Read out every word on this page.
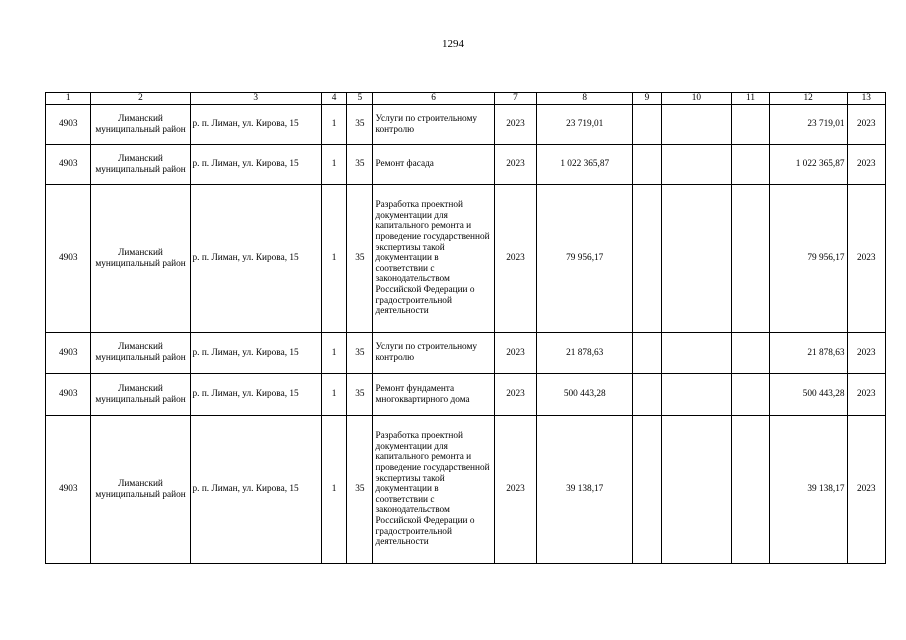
1294
1	2	3	4	5	6	7	8	9	10	11	12	13
4903	Лиманский муниципальный район	р. п. Лиман, ул. Кирова, 15	1	35	Услуги по строительному контролю	2023	23 719,01				23 719,01	2023
4903	Лиманский муниципальный район	р. п. Лиман, ул. Кирова, 15	1	35	Ремонт фасада	2023	1 022 365,87				1 022 365,87	2023
4903	Лиманский муниципальный район	р. п. Лиман, ул. Кирова, 15	1	35	Разработка проектной документации для капитального ремонта и проведение государственной экспертизы такой документации в соответствии с законодательством Российской Федерации о градостроительной деятельности	2023	79 956,17				79 956,17	2023
4903	Лиманский муниципальный район	р. п. Лиман, ул. Кирова, 15	1	35	Услуги по строительному контролю	2023	21 878,63				21 878,63	2023
4903	Лиманский муниципальный район	р. п. Лиман, ул. Кирова, 15	1	35	Ремонт фундамента многоквартирного дома	2023	500 443,28				500 443,28	2023
4903	Лиманский муниципальный район	р. п. Лиман, ул. Кирова, 15	1	35	Разработка проектной документации для капитального ремонта и проведение государственной экспертизы такой документации в соответствии с законодательством Российской Федерации о градостроительной деятельности	2023	39 138,17				39 138,17	2023
